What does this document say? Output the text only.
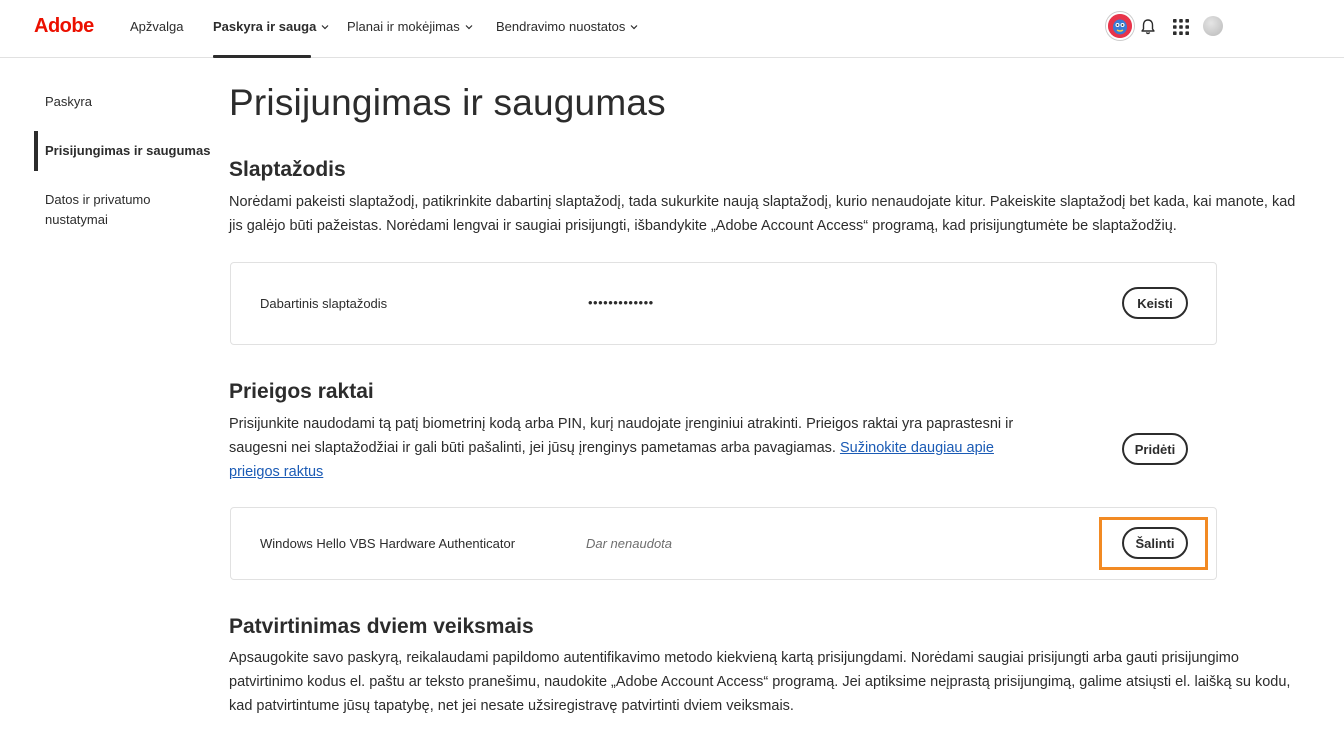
Adobe	Apžvalga Paskyra ir sauga Planai ir mokėjimas	Bendravimo nuostatos
Paskyra
Prisijungimas ir saugumas
Datos ir privatumo
nustatymai
Prisijungimas ir saugumas
Slaptažodis
Norėdami pakeisti slaptažodį, patikrinkite dabartinį slaptažodį, tada sukurkite naują slaptažodį, kurio nenaudojate kitur. Pakeiskite slaptažodį bet kada, kai manote, kad
jis galėjo būti pažeistas. Norėdami lengvai ir saugiai prisijungti, išbandykite „Adobe Account Access“ programą, kad prisijungtumėte be slaptažodžių.
Dabartinis slaptažodis	•••••••••••••	Keisti
Prieigos raktai
Prisijunkite naudodami tą patį biometrinį kodą arba PIN, kurį naudojate įrenginiui atrakinti. Prieigos raktai yra paprastesni ir
saugesni nei slaptažodžiai ir gali būti pašalinti, jei jūsų įrenginys pametamas arba pavagiamas. Sužinokite daugiau apie
prieigos raktus
Pridėti
Windows Hello VBS Hardware Authenticator	Dar nenaudota	Šalinti
Patvirtinimas dviem veiksmais
Apsaugokite savo paskyrą, reikalaudami papildomo autentifikavimo metodo kiekvieną kartą prisijungdami. Norėdami saugiai prisijungti arba gauti prisijungimo
patvirtinimo kodus el. paštu ar teksto pranešimu, naudokite „Adobe Account Access“ programą. Jei aptiksime neįprastą prisijungimą, galime atsiųsti el. laišką su kodu,
kad patvirtintume jūsų tapatybę, net jei nesate užsiregistravę patvirtinti dviem veiksmais.
